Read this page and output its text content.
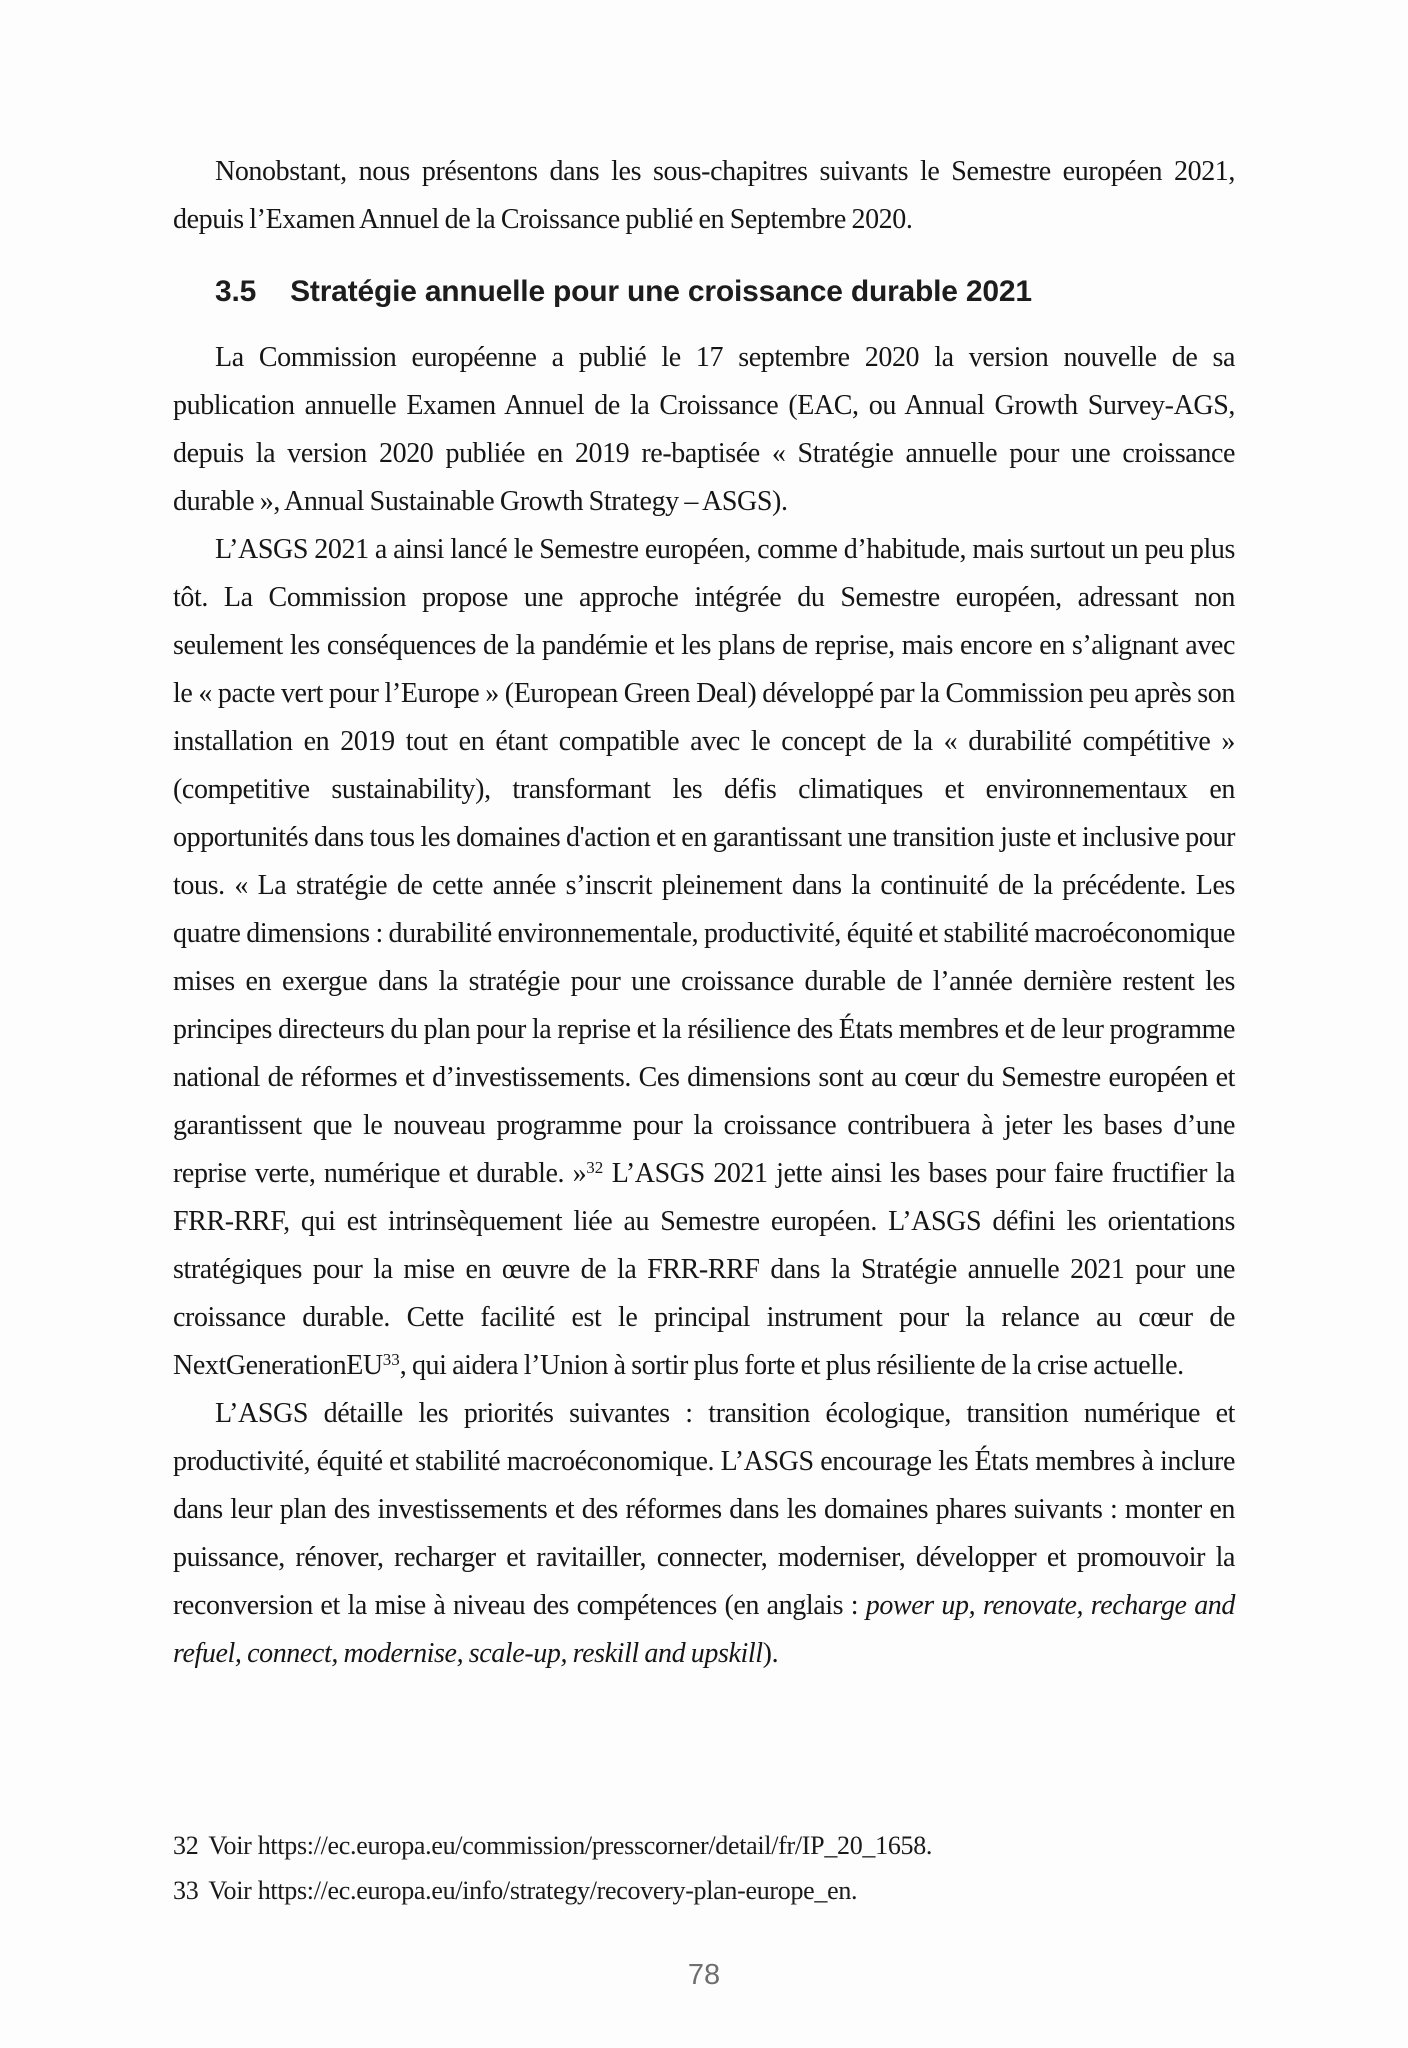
Nonobstant, nous présentons dans les sous-chapitres suivants le Semestre européen 2021, depuis l’Examen Annuel de la Croissance publié en Septembre 2020.

3.5 Stratégie annuelle pour une croissance durable 2021

La Commission européenne a publié le 17 septembre 2020 la version nouvelle de sa publication annuelle Examen Annuel de la Croissance (EAC, ou Annual Growth Survey-AGS, depuis la version 2020 publiée en 2019 re-baptisée « Stratégie annuelle pour une croissance durable », Annual Sustainable Growth Strategy – ASGS).

L’ASGS 2021 a ainsi lancé le Semestre européen, comme d’habitude, mais surtout un peu plus tôt. La Commission propose une approche intégrée du Semestre européen, adressant non seulement les conséquences de la pandémie et les plans de reprise, mais encore en s’alignant avec le « pacte vert pour l’Europe » (European Green Deal) développé par la Commission peu après son installation en 2019 tout en étant compatible avec le concept de la « durabilité compétitive » (competitive sustainability), transformant les défis climatiques et environnementaux en opportunités dans tous les domaines d'action et en garantissant une transition juste et inclusive pour tous. « La stratégie de cette année s’inscrit pleinement dans la continuité de la précédente. Les quatre dimensions : durabilité environnementale, productivité, équité et stabilité macroéconomique mises en exergue dans la stratégie pour une croissance durable de l’année dernière restent les principes directeurs du plan pour la reprise et la résilience des États membres et de leur programme national de réformes et d’investissements. Ces dimensions sont au cœur du Semestre européen et garantissent que le nouveau programme pour la croissance contribuera à jeter les bases d’une reprise verte, numérique et durable. »$^{32}$ L’ASGS 2021 jette ainsi les bases pour faire fructifier la FRR-RRF, qui est intrinsèquement liée au Semestre européen. L’ASGS défini les orientations stratégiques pour la mise en œuvre de la FRR-RRF dans la Stratégie annuelle 2021 pour une croissance durable. Cette facilité est le principal instrument pour la relance au cœur de NextGenerationEU$^{33}$, qui aidera l’Union à sortir plus forte et plus résiliente de la crise actuelle.

L’ASGS détaille les priorités suivantes : transition écologique, transition numérique et productivité, équité et stabilité macroéconomique. L’ASGS encourage les États membres à inclure dans leur plan des investissements et des réformes dans les domaines phares suivants : monter en puissance, rénover, recharger et ravitailler, connecter, moderniser, développer et promouvoir la reconversion et la mise à niveau des compétences (en anglais : power up, renovate, recharge and refuel, connect, modernise, scale-up, reskill and upskill).

32 Voir https://ec.europa.eu/commission/presscorner/detail/fr/IP_20_1658.

33 Voir https://ec.europa.eu/info/strategy/recovery-plan-europe_en.

78
